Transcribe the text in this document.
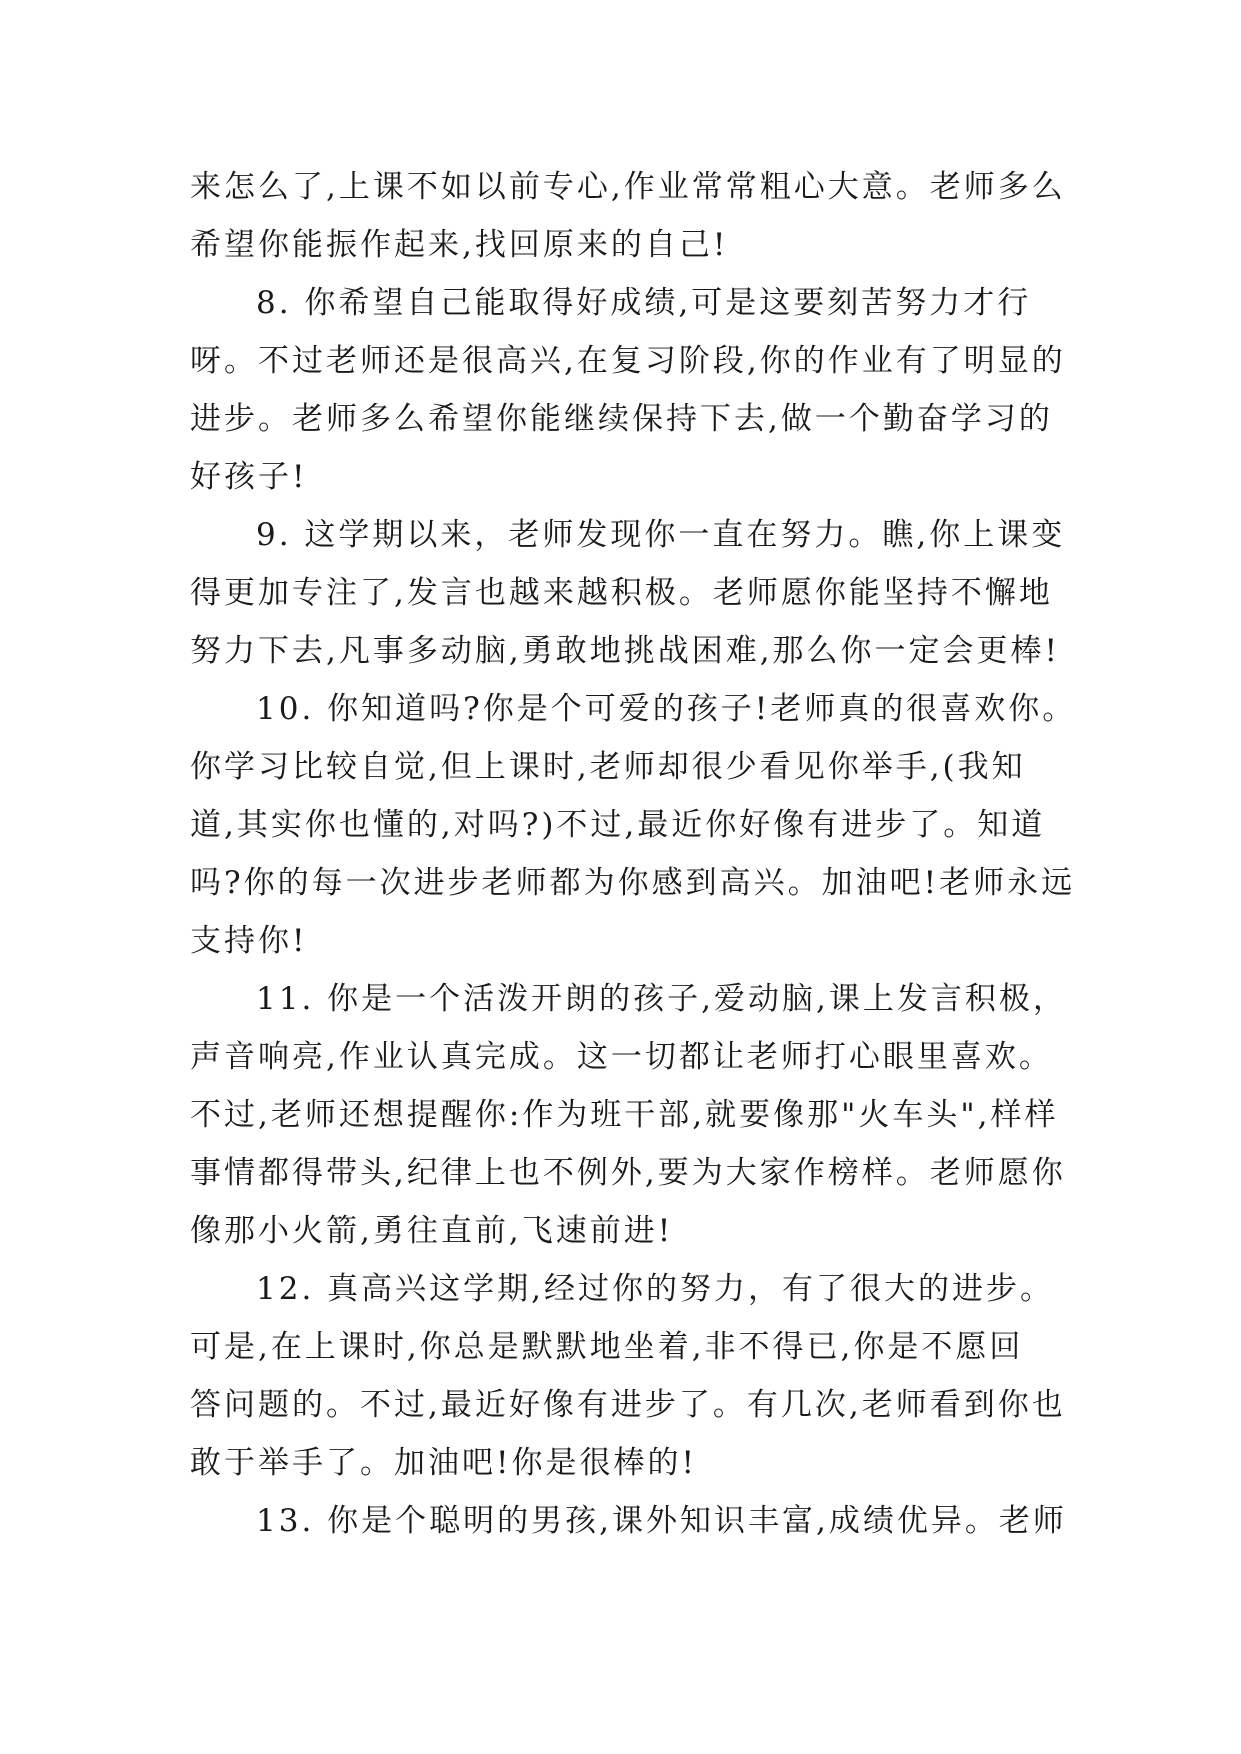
来怎么了,上课不如以前专心,作业常常粗心大意。老师多么
希望你能振作起来,找回原来的自己!
8. 你希望自己能取得好成绩,可是这要刻苦努力才行
呀。不过老师还是很高兴,在复习阶段,你的作业有了明显的
进步。老师多么希望你能继续保持下去,做一个勤奋学习的
好孩子!
9. 这学期以来，老师发现你一直在努力。瞧,你上课变
得更加专注了,发言也越来越积极。老师愿你能坚持不懈地
努力下去,凡事多动脑,勇敢地挑战困难,那么你一定会更棒!
10. 你知道吗?你是个可爱的孩子!老师真的很喜欢你。
你学习比较自觉,但上课时,老师却很少看见你举手,(我知
道,其实你也懂的,对吗?)不过,最近你好像有进步了。知道
吗?你的每一次进步老师都为你感到高兴。加油吧!老师永远
支持你!
11. 你是一个活泼开朗的孩子,爱动脑,课上发言积极，
声音响亮,作业认真完成。这一切都让老师打心眼里喜欢。
不过,老师还想提醒你:作为班干部,就要像那"火车头",样样
事情都得带头,纪律上也不例外,要为大家作榜样。老师愿你
像那小火箭,勇往直前,飞速前进!
12. 真高兴这学期,经过你的努力，有了很大的进步。
可是,在上课时,你总是默默地坐着,非不得已,你是不愿回
答问题的。不过,最近好像有进步了。有几次,老师看到你也
敢于举手了。加油吧!你是很棒的!
13. 你是个聪明的男孩,课外知识丰富,成绩优异。老师
